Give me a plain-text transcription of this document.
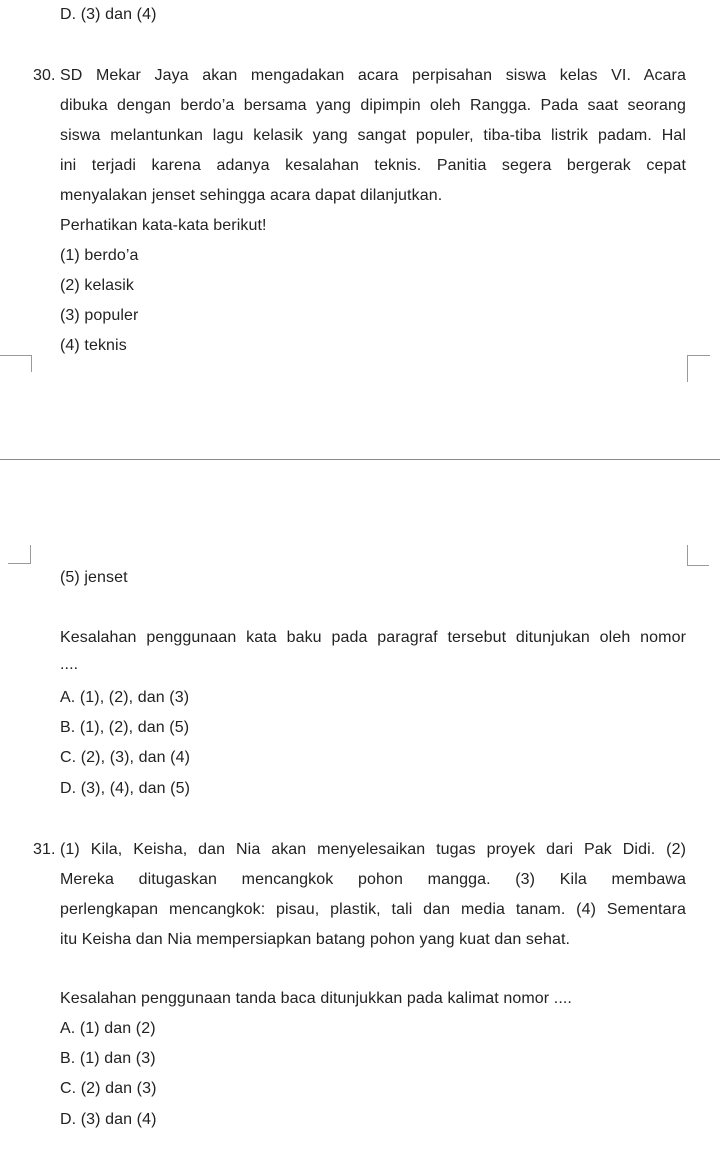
D. (3) dan (4)
30. SD Mekar Jaya akan mengadakan acara perpisahan siswa kelas VI. Acara
dibuka dengan berdo’a bersama yang dipimpin oleh Rangga. Pada saat seorang
siswa melantunkan lagu kelasik yang sangat populer, tiba-tiba listrik padam. Hal
ini terjadi karena adanya kesalahan teknis. Panitia segera bergerak cepat
menyalakan jenset sehingga acara dapat dilanjutkan.
Perhatikan kata-kata berikut!
(1) berdo’a
(2) kelasik
(3) populer
(4) teknis
(5) jenset
Kesalahan penggunaan kata baku pada paragraf tersebut ditunjukan oleh nomor
....
A. (1), (2), dan (3)
B. (1), (2), dan (5)
C. (2), (3), dan (4)
D. (3), (4), dan (5)
31. (1) Kila, Keisha, dan Nia akan menyelesaikan tugas proyek dari Pak Didi. (2)
Mereka ditugaskan mencangkok pohon mangga. (3) Kila membawa
perlengkapan mencangkok: pisau, plastik, tali dan media tanam. (4) Sementara
itu Keisha dan Nia mempersiapkan batang pohon yang kuat dan sehat.
Kesalahan penggunaan tanda baca ditunjukkan pada kalimat nomor ....
A. (1) dan (2)
B. (1) dan (3)
C. (2) dan (3)
D. (3) dan (4)
